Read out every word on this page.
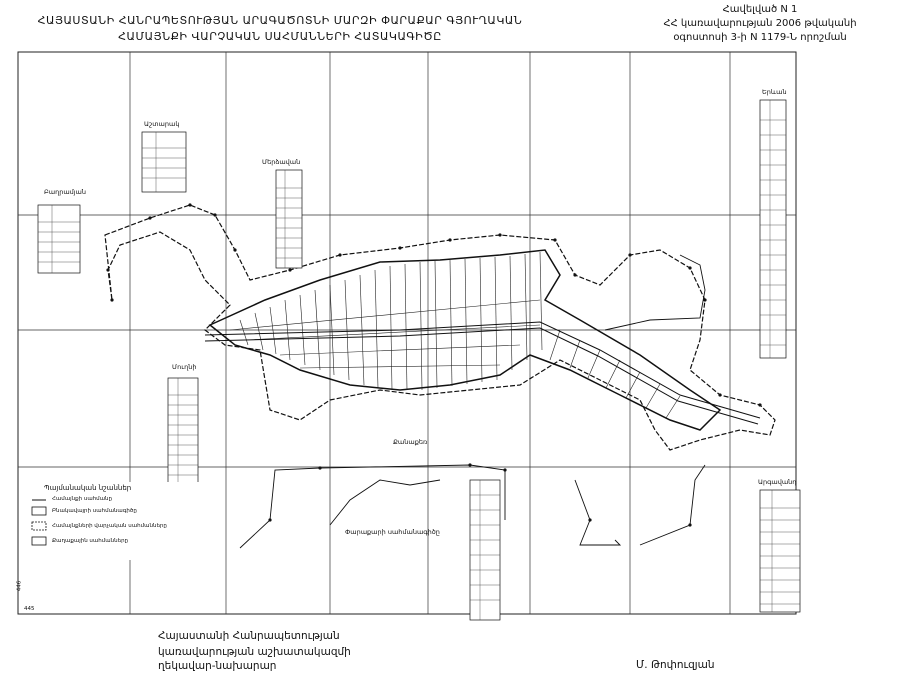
ՀԱՅԱՍՏԱՆԻ ՀԱՆՐԱՊԵՏՈՒԹՅԱՆ ԱՐԱԳԱԾՈՏՆԻ ՄԱՐԶԻ ՓԱՐԱՔԱՐ ԳՅՈՒՂԱԿԱՆ
ՀԱՄԱՅՆՔԻ ՎԱՐՉԱԿԱՆ ՍԱՀՄԱՆՆԵՐԻ ՀԱՏԱԿԱԳԻԾԸ
Հավելված N 1
ՀՀ կառավարության 2006 թվականի
օգոստոսի 3-ի N 1179-Ն որոշման
Աշտարակ
Մերձավան
Բաղրամյան
Մուղնի
Երևան
Արգավանդ
Քանաքեռ
Փարաքարի սահմանագիծը
Պայմանական նշաններ
Համայնքի սահմանը
Բնակավայրի սահմանագիծը
Համայնքների վարչական սահմանները
Քաղաքային սահմանները
446
445
Հայաստանի Հանրապետության
կառավարության աշխատակազմի
ղեկավար-նախարար	Մ. Թոփուզյան
